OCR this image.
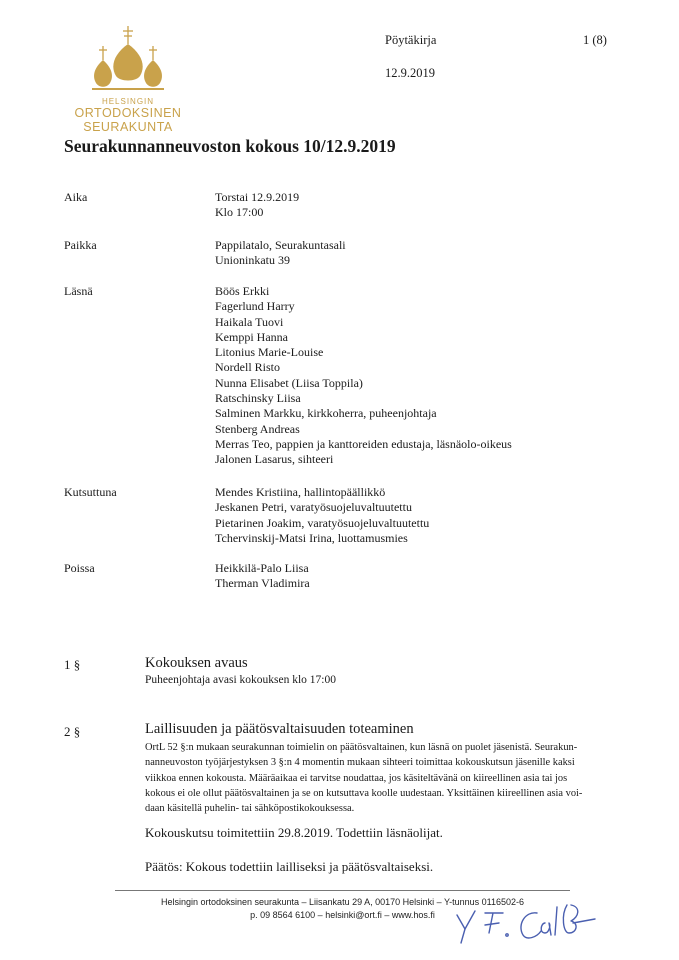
HELSINGIN
ORTODOKSINEN
SEURAKUNTA
Pöytäkirja	1 (8)
12.9.2019
Seurakunnanneuvoston kokous 10/12.9.2019
Aika	Torstai 12.9.2019
Klo 17:00
Paikka	Pappilatalo, Seurakuntasali
Unioninkatu 39
Läsnä	Böös Erkki
Fagerlund Harry
Haikala Tuovi
Kemppi Hanna
Litonius Marie-Louise
Nordell Risto
Nunna Elisabet (Liisa Toppila)
Ratschinsky Liisa
Salminen Markku, kirkkoherra, puheenjohtaja
Stenberg Andreas
Merras Teo, pappien ja kanttoreiden edustaja, läsnäolo-oikeus
Jalonen Lasarus, sihteeri
Kutsuttuna	Mendes Kristiina, hallintopäällikkö
Jeskanen Petri, varatyösuojeluvaltuutettu
Pietarinen Joakim, varatyösuojeluvaltuutettu
Tchervinskij-Matsi Irina, luottamusmies
Poissa	Heikkilä-Palo Liisa
Therman Vladimira
1 §	Kokouksen avaus
Puheenjohtaja avasi kokouksen klo 17:00
2 §	Laillisuuden ja päätösvaltaisuuden toteaminen
OrtL 52 §:n mukaan seurakunnan toimielin on päätösvaltainen, kun läsnä on puolet jäsenistä. Seurakun-
nanneuvoston työjärjestyksen 3 §:n 4 momentin mukaan sihteeri toimittaa kokouskutsun jäsenille kaksi
viikkoa ennen kokousta. Määräaikaa ei tarvitse noudattaa, jos käsiteltävänä on kiireellinen asia tai jos
kokous ei ole ollut päätösvaltainen ja se on kutsuttava koolle uudestaan. Yksittäinen kiireellinen asia voi-
daan käsitellä puhelin- tai sähköpostikokouksessa.
Kokouskutsu toimitettiin 29.8.2019. Todettiin läsnäolijat.
Päätös: Kokous todettiin lailliseksi ja päätösvaltaiseksi.
Helsingin ortodoksinen seurakunta – Liisankatu 29 A, 00170 Helsinki – Y-tunnus 0116502-6
p. 09 8564 6100 – helsinki@ort.fi – www.hos.fi
